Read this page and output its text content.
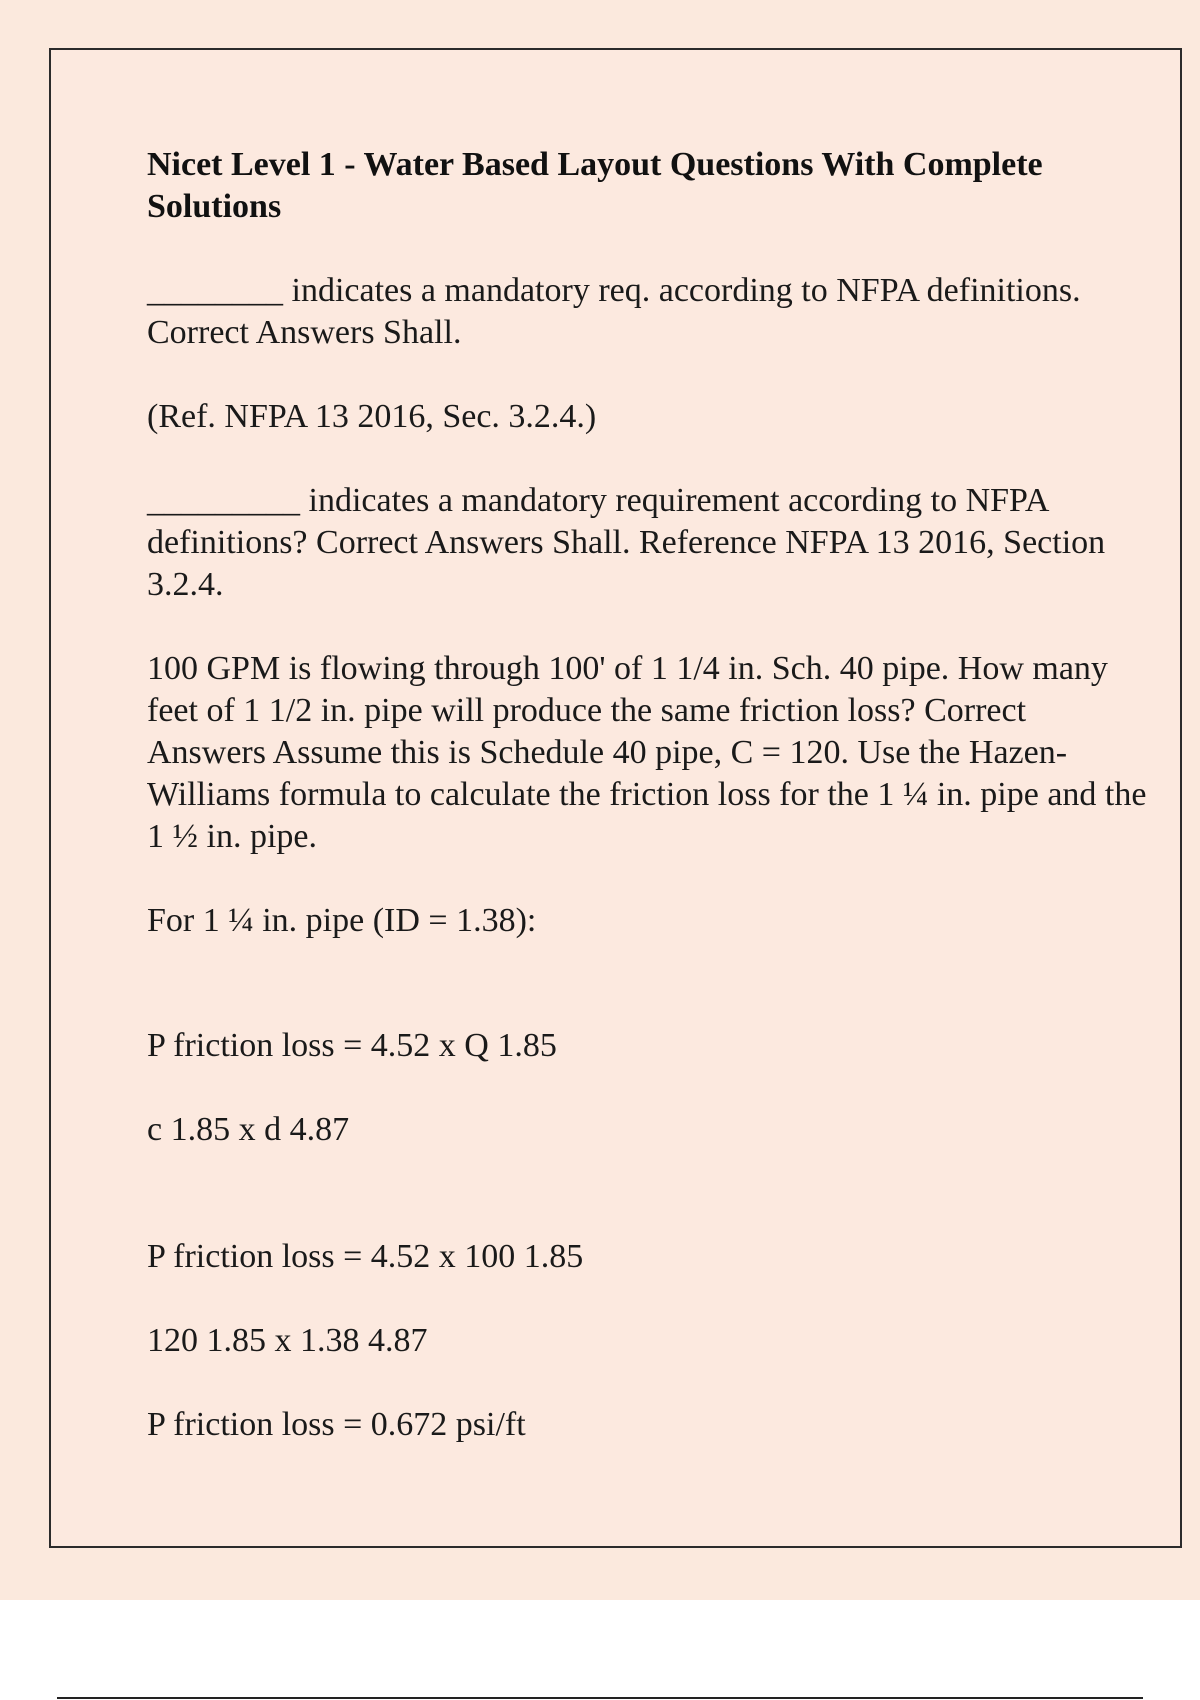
Nicet Level 1 - Water Based Layout Questions With Complete Solutions
________ indicates a mandatory req. according to NFPA definitions. Correct Answers Shall.
(Ref. NFPA 13 2016, Sec. 3.2.4.)
_________ indicates a mandatory requirement according to NFPA definitions? Correct Answers Shall. Reference NFPA 13 2016, Section 3.2.4.
100 GPM is flowing through 100' of 1 1/4 in. Sch. 40 pipe. How many feet of 1 1/2 in. pipe will produce the same friction loss? Correct Answers Assume this is Schedule 40 pipe, C = 120. Use the Hazen-Williams formula to calculate the friction loss for the 1 ¼ in. pipe and the 1 ½ in. pipe.
For 1 ¼ in. pipe (ID = 1.38):
P friction loss = 4.52 x Q 1.85
c 1.85 x d 4.87
P friction loss = 4.52 x 100 1.85
120 1.85 x 1.38 4.87
P friction loss = 0.672 psi/ft
